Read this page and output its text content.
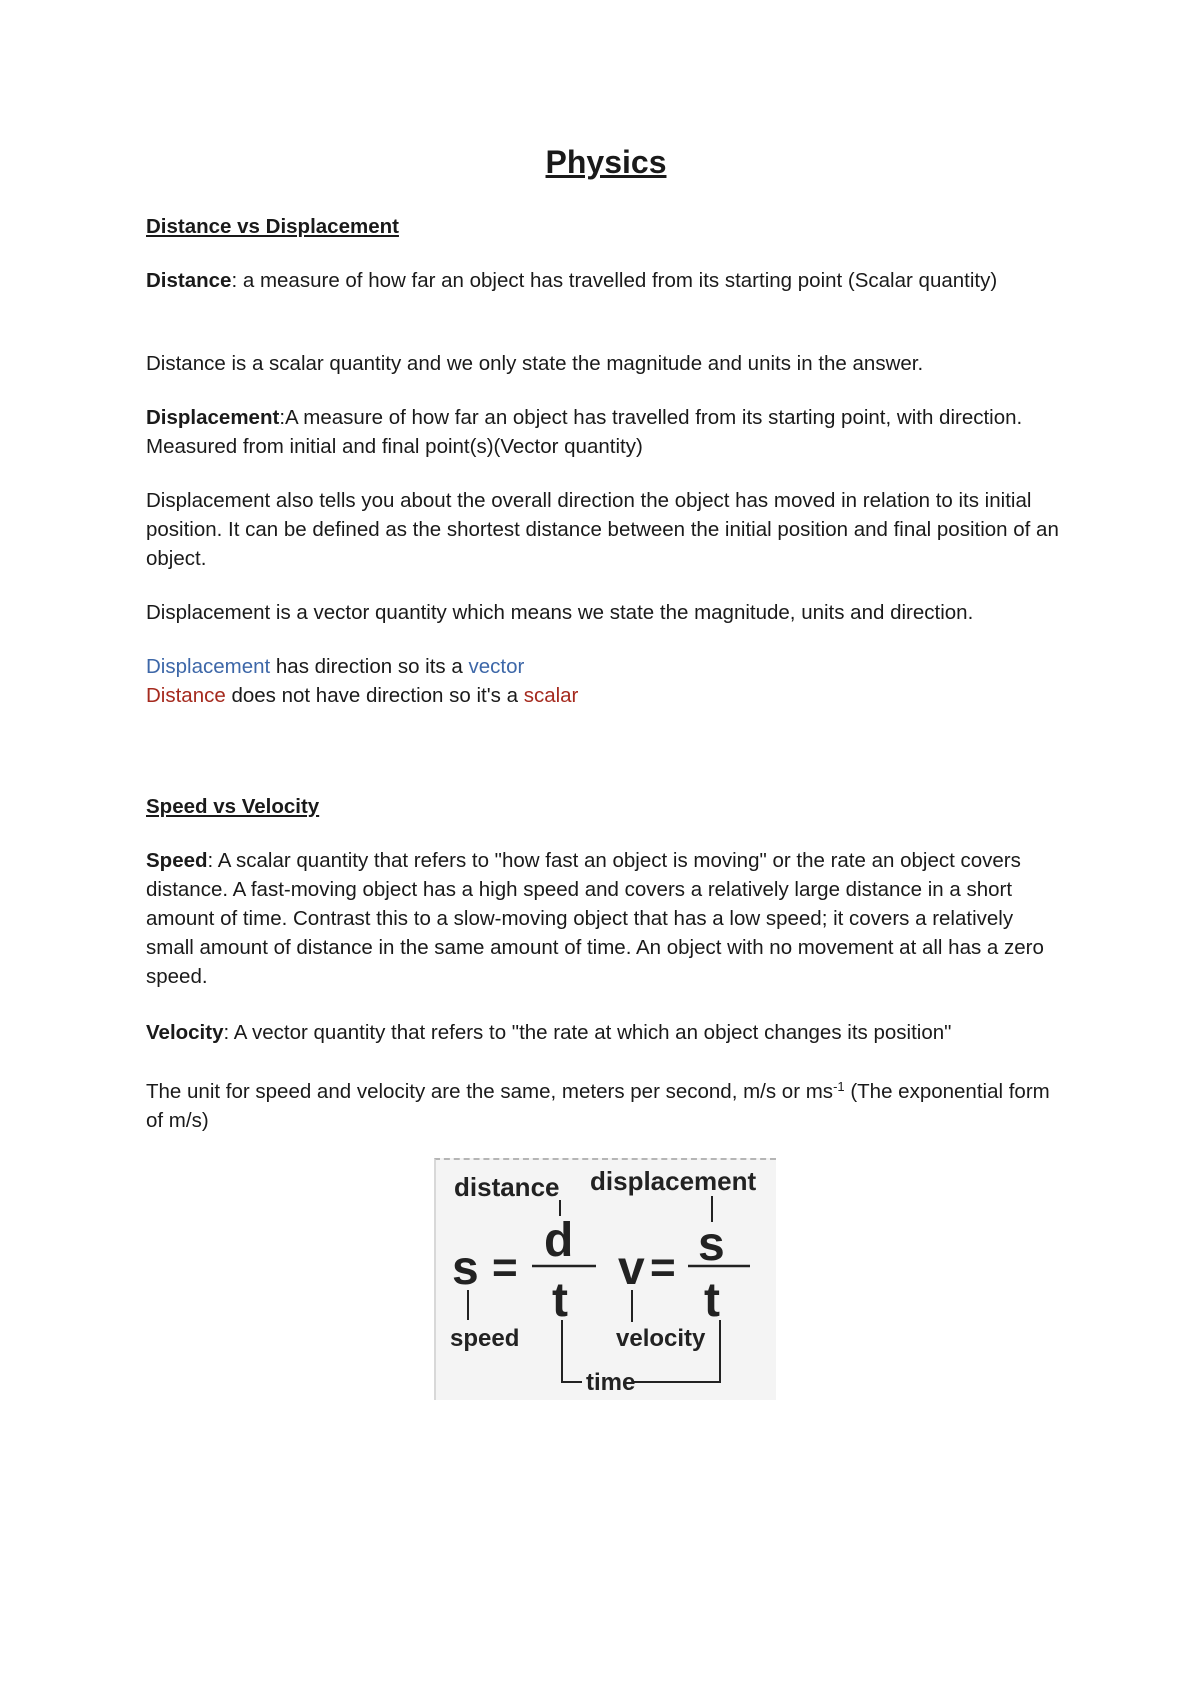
Physics

Distance vs Displacement

Distance: a measure of how far an object has travelled from its starting point (Scalar quantity)

Distance is a scalar quantity and we only state the magnitude and units in the answer.

Displacement:A measure of how far an object has travelled from its starting point, with direction. Measured from initial and final point(s)(Vector quantity)

Displacement also tells you about the overall direction the object has moved in relation to its initial position. It can be defined as the shortest distance between the initial position and final position of an object.

Displacement is a vector quantity which means we state the magnitude, units and direction.

Displacement has direction so its a vector
Distance does not have direction so it's a scalar

Speed vs Velocity

Speed: A scalar quantity that refers to "how fast an object is moving" or the rate an object covers distance. A fast-moving object has a high speed and covers a relatively large distance in a short amount of time. Contrast this to a slow-moving object that has a low speed; it covers a relatively small amount of distance in the same amount of time. An object with no movement at all has a zero speed.

Velocity: A vector quantity that refers to "the rate at which an object changes its position"

The unit for speed and velocity are the same, meters per second, m/s or $ms^{-1}$ (The exponential form of m/s)

distance displacement
s =
d
t
v = s
t
speed	velocity
time
